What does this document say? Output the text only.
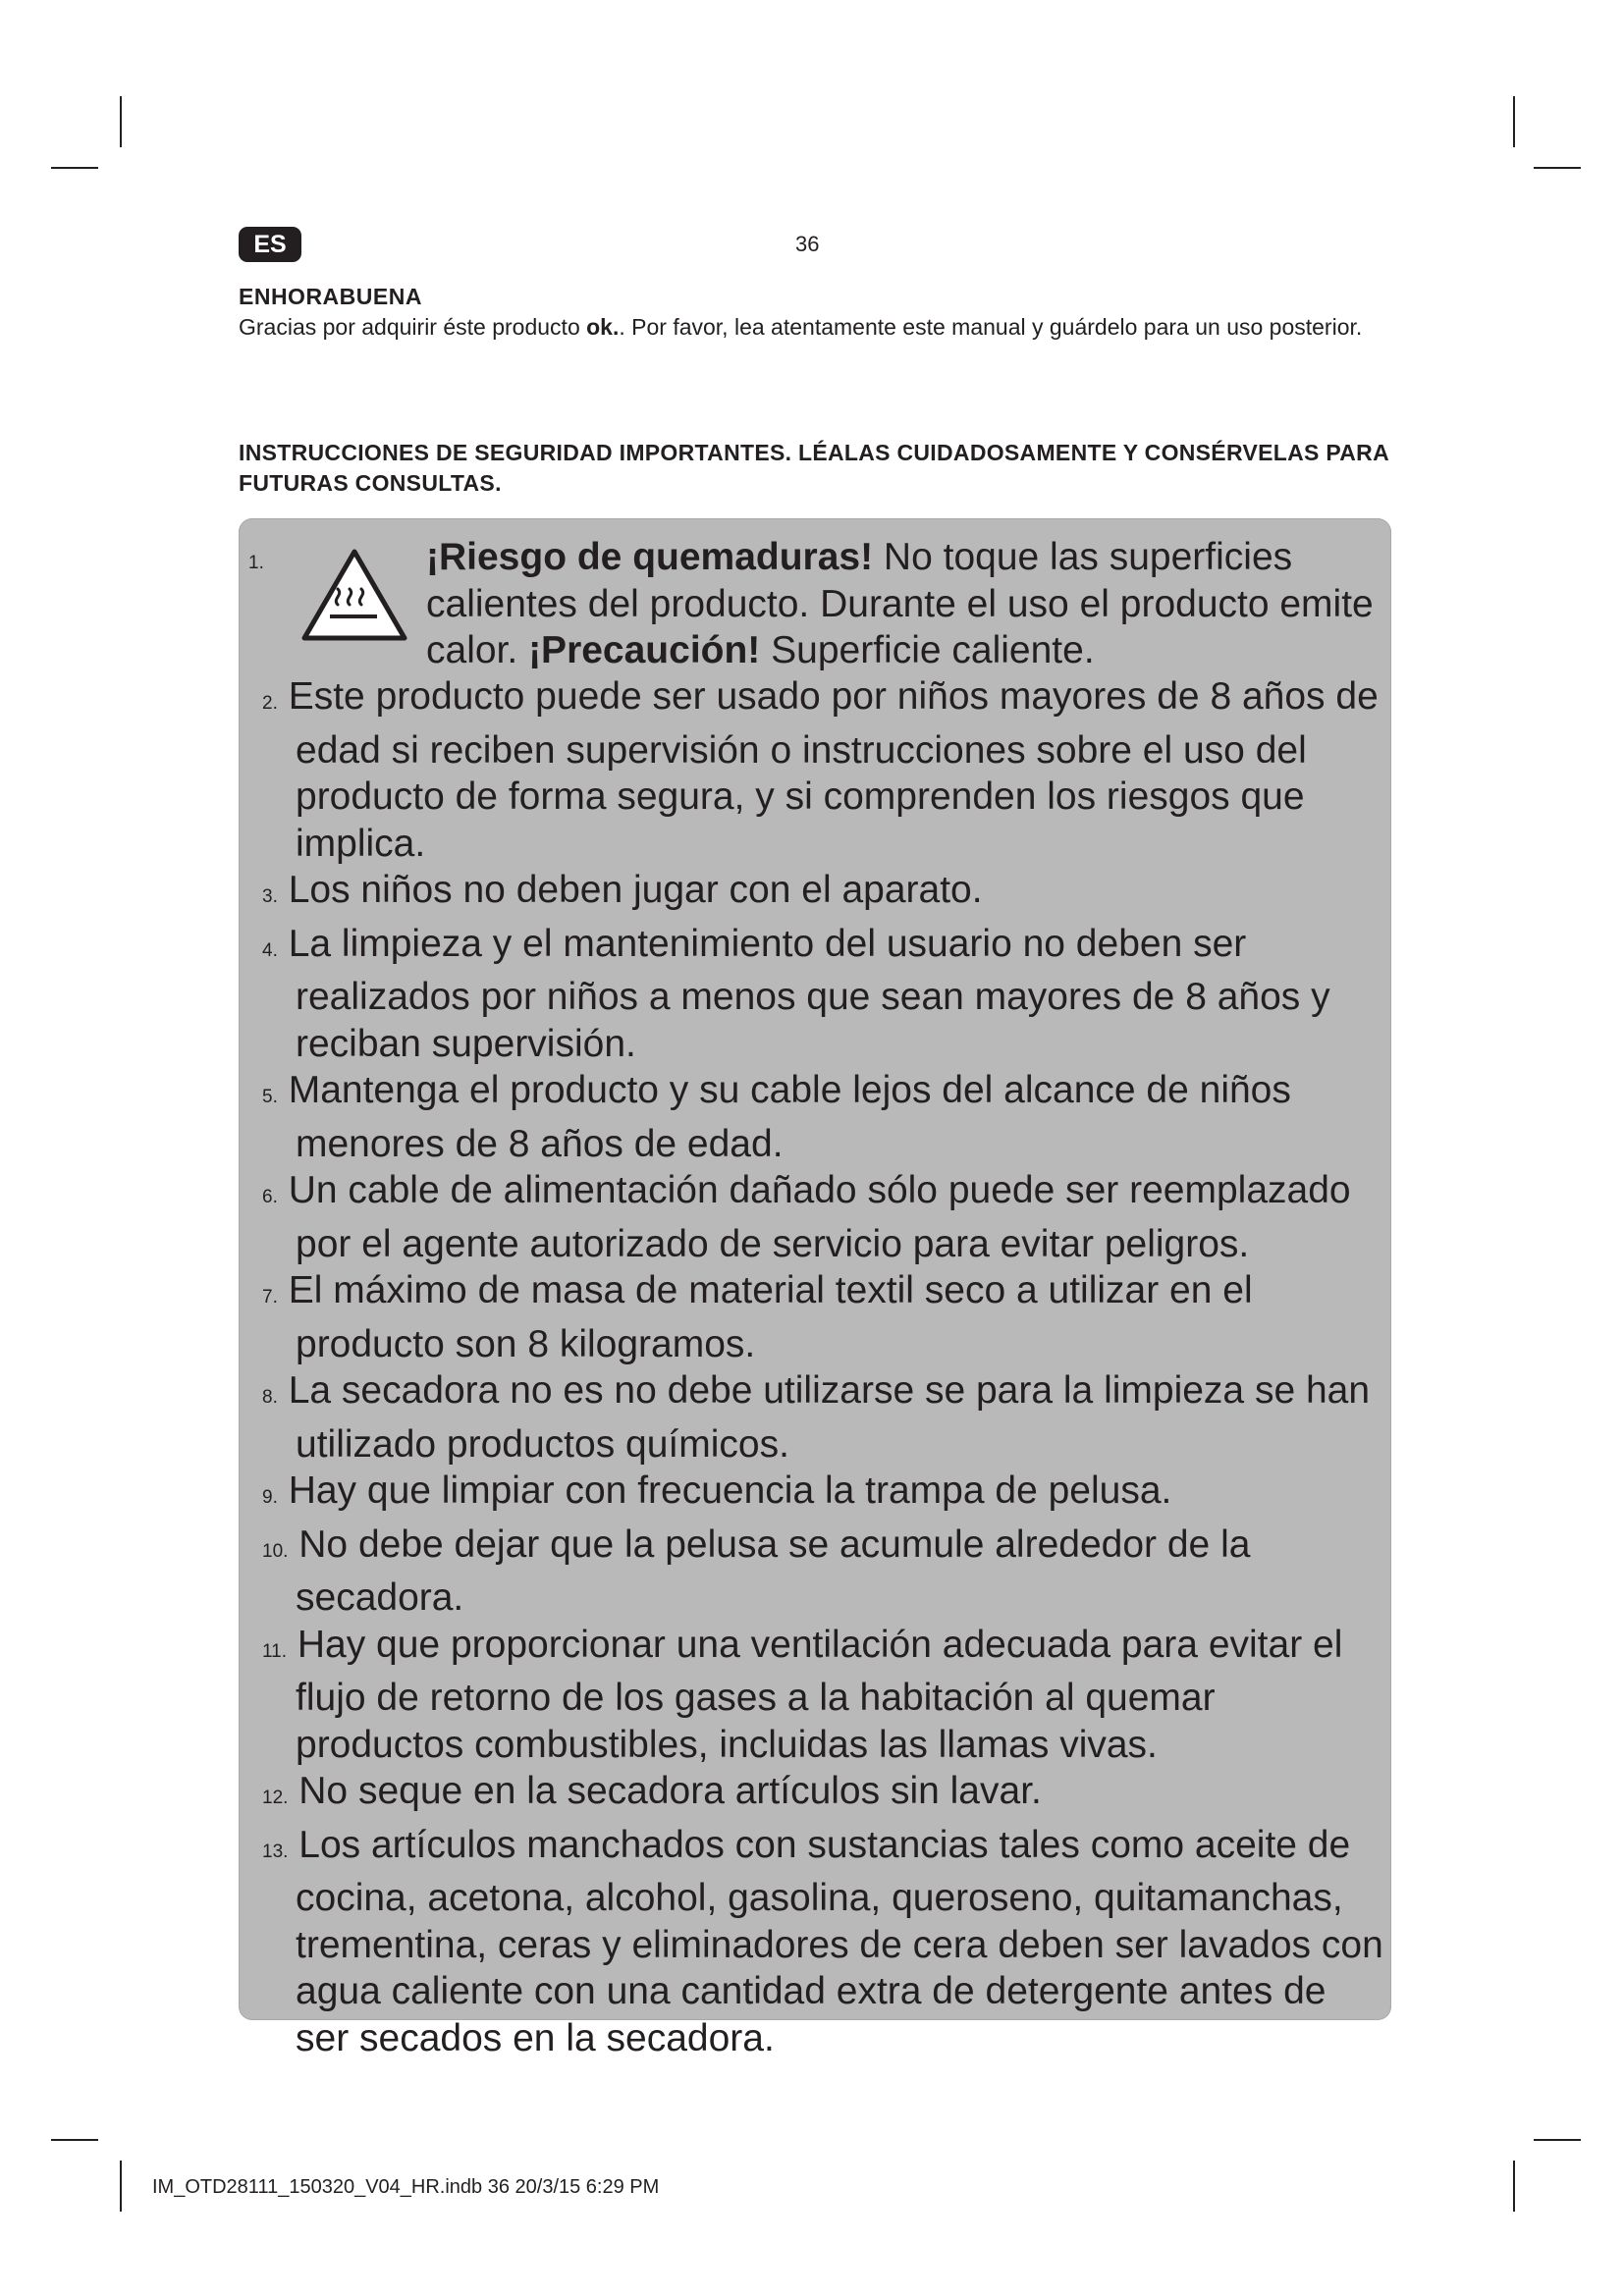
ES	36
ENHORABUENA
Gracias por adquirir éste producto ok.. Por favor, lea atentamente este manual y guárdelo para un uso posterior.
INSTRUCCIONES DE SEGURIDAD IMPORTANTES. LÉALAS CUIDADOSAMENTE Y CONSÉRVELAS PARA FUTURAS CONSULTAS.
1.	¡Riesgo de quemaduras! No toque las superficies calientes del producto. Durante el uso el producto emite calor. ¡Precaución! Superficie caliente.
2. Este producto puede ser usado por niños mayores de 8 años de edad si reciben supervisión o instrucciones sobre el uso del producto de forma segura, y si comprenden los riesgos que implica.
3. Los niños no deben jugar con el aparato.
4. La limpieza y el mantenimiento del usuario no deben ser realizados por niños a menos que sean mayores de 8 años y reciban supervisión.
5. Mantenga el producto y su cable lejos del alcance de niños menores de 8 años de edad.
6. Un cable de alimentación dañado sólo puede ser reemplazado por el agente autorizado de servicio para evitar peligros.
7. El máximo de masa de material textil seco a utilizar en el producto son 8 kilogramos.
8. La secadora no es no debe utilizarse se para la limpieza se han utilizado productos químicos.
9. Hay que limpiar con frecuencia la trampa de pelusa.
10. No debe dejar que la pelusa se acumule alrededor de la secadora.
11. Hay que proporcionar una ventilación adecuada para evitar el flujo de retorno de los gases a la habitación al quemar productos combustibles, incluidas las llamas vivas.
12. No seque en la secadora artículos sin lavar.
13. Los artículos manchados con sustancias tales como aceite de cocina, acetona, alcohol, gasolina, queroseno, quitamanchas, trementina, ceras y eliminadores de cera deben ser lavados con agua caliente con una cantidad extra de detergente antes de ser secados en la secadora.
IM_OTD28111_150320_V04_HR.indb 36 20/3/15 6:29 PM
